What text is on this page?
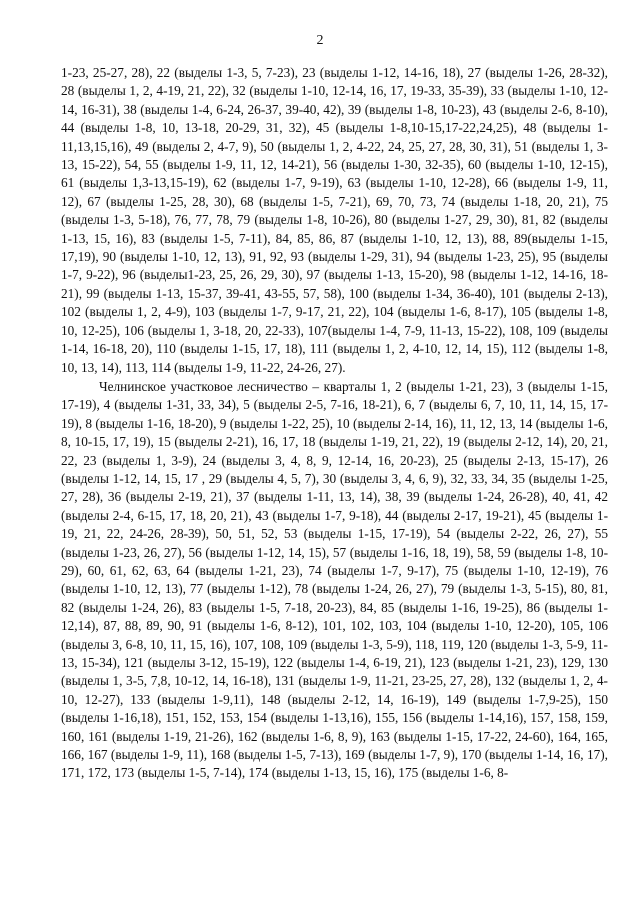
2

1-23, 25-27, 28), 22 (выделы 1-3, 5, 7-23), 23 (выделы 1-12, 14-16, 18), 27 (выделы 1-26, 28-32), 28 (выделы 1, 2, 4-19, 21, 22), 32 (выделы 1-10, 12-14, 16, 17, 19-33, 35-39), 33 (выделы 1-10, 12-14, 16-31), 38 (выделы 1-4, 6-24, 26-37, 39-40, 42), 39 (выделы 1-8, 10-23), 43 (выделы 2-6, 8-10), 44 (выделы 1-8, 10, 13-18, 20-29, 31, 32), 45 (выделы 1-8,10-15,17-22,24,25), 48 (выделы 1-11,13,15,16), 49 (выделы 2, 4-7, 9), 50 (выделы 1, 2, 4-22, 24, 25, 27, 28, 30, 31), 51 (выделы 1, 3-13, 15-22), 54, 55 (выделы 1-9, 11, 12, 14-21), 56 (выделы 1-30, 32-35), 60 (выделы 1-10, 12-15), 61 (выделы 1,3-13,15-19), 62 (выделы 1-7, 9-19), 63 (выделы 1-10, 12-28), 66 (выделы 1-9, 11, 12), 67 (выделы 1-25, 28, 30), 68 (выделы 1-5, 7-21), 69, 70, 73, 74 (выделы 1-18, 20, 21), 75 (выделы 1-3, 5-18), 76, 77, 78, 79 (выделы 1-8, 10-26), 80 (выделы 1-27, 29, 30), 81, 82 (выделы 1-13, 15, 16), 83 (выделы 1-5, 7-11), 84, 85, 86, 87 (выделы 1-10, 12, 13), 88, 89(выделы 1-15, 17,19), 90 (выделы 1-10, 12, 13), 91, 92, 93 (выделы 1-29, 31), 94 (выделы 1-23, 25), 95 (выделы 1-7, 9-22), 96 (выделы1-23, 25, 26, 29, 30), 97 (выделы 1-13, 15-20), 98 (выделы 1-12, 14-16, 18-21), 99 (выделы 1-13, 15-37, 39-41, 43-55, 57, 58), 100 (выделы 1-34, 36-40), 101 (выделы 2-13), 102 (выделы 1, 2, 4-9), 103 (выделы 1-7, 9-17, 21, 22), 104 (выделы 1-6, 8-17), 105 (выделы 1-8, 10, 12-25), 106 (выделы 1, 3-18, 20, 22-33), 107(выделы 1-4, 7-9, 11-13, 15-22), 108, 109 (выделы 1-14, 16-18, 20), 110 (выделы 1-15, 17, 18), 111 (выделы 1, 2, 4-10, 12, 14, 15), 112 (выделы 1-8, 10, 13, 14), 113, 114 (выделы 1-9, 11-22, 24-26, 27).

Челнинское участковое лесничество – кварталы 1, 2 (выделы 1-21, 23), 3 (выделы 1-15, 17-19), 4 (выделы 1-31, 33, 34), 5 (выделы 2-5, 7-16, 18-21), 6, 7 (выделы 6, 7, 10, 11, 14, 15, 17-19), 8 (выделы 1-16, 18-20), 9 (выделы 1-22, 25), 10 (выделы 2-14, 16), 11, 12, 13, 14 (выделы 1-6, 8, 10-15, 17, 19), 15 (выделы 2-21), 16, 17, 18 (выделы 1-19, 21, 22), 19 (выделы 2-12, 14), 20, 21, 22, 23 (выделы 1, 3-9), 24 (выделы 3, 4, 8, 9, 12-14, 16, 20-23), 25 (выделы 2-13, 15-17), 26 (выделы 1-12, 14, 15, 17 , 29 (выделы 4, 5, 7), 30 (выделы 3, 4, 6, 9), 32, 33, 34, 35 (выделы 1-25, 27, 28), 36 (выделы 2-19, 21), 37 (выделы 1-11, 13, 14), 38, 39 (выделы 1-24, 26-28), 40, 41, 42 (выделы 2-4, 6-15, 17, 18, 20, 21), 43 (выделы 1-7, 9-18), 44 (выделы 2-17, 19-21), 45 (выделы 1-19, 21, 22, 24-26, 28-39), 50, 51, 52, 53 (выделы 1-15, 17-19), 54 (выделы 2-22, 26, 27), 55 (выделы 1-23, 26, 27), 56 (выделы 1-12, 14, 15), 57 (выделы 1-16, 18, 19), 58, 59 (выделы 1-8, 10-29), 60, 61, 62, 63, 64 (выделы 1-21, 23), 74 (выделы 1-7, 9-17), 75 (выделы 1-10, 12-19), 76 (выделы 1-10, 12, 13), 77 (выделы 1-12), 78 (выделы 1-24, 26, 27), 79 (выделы 1-3, 5-15), 80, 81, 82 (выделы 1-24, 26), 83 (выделы 1-5, 7-18, 20-23), 84, 85 (выделы 1-16, 19-25), 86 (выделы 1-12,14), 87, 88, 89, 90, 91 (выделы 1-6, 8-12), 101, 102, 103, 104 (выделы 1-10, 12-20), 105, 106 (выделы 3, 6-8, 10, 11, 15, 16), 107, 108, 109 (выделы 1-3, 5-9), 118, 119, 120 (выделы 1-3, 5-9, 11-13, 15-34), 121 (выделы 3-12, 15-19), 122 (выделы 1-4, 6-19, 21), 123 (выделы 1-21, 23), 129, 130 (выделы 1, 3-5, 7,8, 10-12, 14, 16-18), 131 (выделы 1-9, 11-21, 23-25, 27, 28), 132 (выделы 1, 2, 4-10, 12-27), 133 (выделы 1-9,11), 148 (выделы 2-12, 14, 16-19), 149 (выделы 1-7,9-25), 150 (выделы 1-16,18), 151, 152, 153, 154 (выделы 1-13,16), 155, 156 (выделы 1-14,16), 157, 158, 159, 160, 161 (выделы 1-19, 21-26), 162 (выделы 1-6, 8, 9), 163 (выделы 1-15, 17-22, 24-60), 164, 165, 166, 167 (выделы 1-9, 11), 168 (выделы 1-5, 7-13), 169 (выделы 1-7, 9), 170 (выделы 1-14, 16, 17), 171, 172, 173 (выделы 1-5, 7-14), 174 (выделы 1-13, 15, 16), 175 (выделы 1-6, 8-
